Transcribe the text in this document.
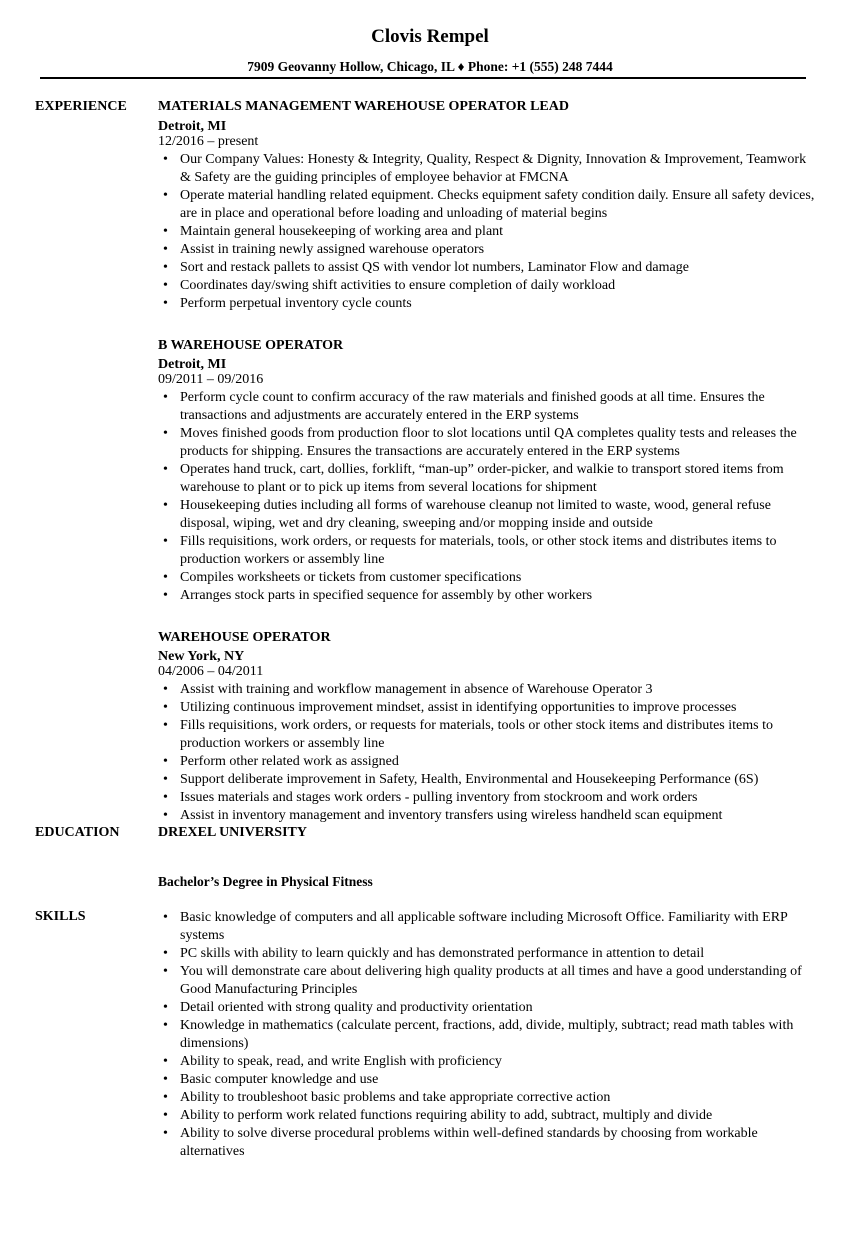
Clovis Rempel
7909 Geovanny Hollow, Chicago, IL ♦ Phone: +1 (555) 248 7444
EXPERIENCE MATERIALS MANAGEMENT WAREHOUSE OPERATOR LEAD
Detroit, MI
12/2016 – present
• Our Company Values: Honesty & Integrity, Quality, Respect & Dignity, Innovation & Improvement, Teamwork & Safety are the guiding principles of employee behavior at FMCNA
• Operate material handling related equipment. Checks equipment safety condition daily. Ensure all safety devices, are in place and operational before loading and unloading of material begins
• Maintain general housekeeping of working area and plant
• Assist in training newly assigned warehouse operators
• Sort and restack pallets to assist QS with vendor lot numbers, Laminator Flow and damage
• Coordinates day/swing shift activities to ensure completion of daily workload
• Perform perpetual inventory cycle counts
B WAREHOUSE OPERATOR
Detroit, MI
09/2011 – 09/2016
• Perform cycle count to confirm accuracy of the raw materials and finished goods at all time. Ensures the transactions and adjustments are accurately entered in the ERP systems
• Moves finished goods from production floor to slot locations until QA completes quality tests and releases the products for shipping. Ensures the transactions are accurately entered in the ERP systems
• Operates hand truck, cart, dollies, forklift, “man-up” order-picker, and walkie to transport stored items from warehouse to plant or to pick up items from several locations for shipment
• Housekeeping duties including all forms of warehouse cleanup not limited to waste, wood, general refuse disposal, wiping, wet and dry cleaning, sweeping and/or mopping inside and outside
• Fills requisitions, work orders, or requests for materials, tools, or other stock items and distributes items to production workers or assembly line
• Compiles worksheets or tickets from customer specifications
• Arranges stock parts in specified sequence for assembly by other workers
WAREHOUSE OPERATOR
New York, NY
04/2006 – 04/2011
• Assist with training and workflow management in absence of Warehouse Operator 3
• Utilizing continuous improvement mindset, assist in identifying opportunities to improve processes
• Fills requisitions, work orders, or requests for materials, tools or other stock items and distributes items to production workers or assembly line
• Perform other related work as assigned
• Support deliberate improvement in Safety, Health, Environmental and Housekeeping Performance (6S)
• Issues materials and stages work orders - pulling inventory from stockroom and work orders
• Assist in inventory management and inventory transfers using wireless handheld scan equipment
EDUCATION	DREXEL UNIVERSITY
Bachelor’s Degree in Physical Fitness
SKILLS
•	Basic knowledge of computers and all applicable software including Microsoft Office. Familiarity with ERP systems
• PC skills with ability to learn quickly and has demonstrated performance in attention to detail
• You will demonstrate care about delivering high quality products at all times and have a good understanding of Good Manufacturing Principles
• Detail oriented with strong quality and productivity orientation
• Knowledge in mathematics (calculate percent, fractions, add, divide, multiply, subtract; read math tables with dimensions)
• Ability to speak, read, and write English with proficiency
• Basic computer knowledge and use
• Ability to troubleshoot basic problems and take appropriate corrective action
• Ability to perform work related functions requiring ability to add, subtract, multiply and divide
• Ability to solve diverse procedural problems within well-defined standards by choosing from workable alternatives
